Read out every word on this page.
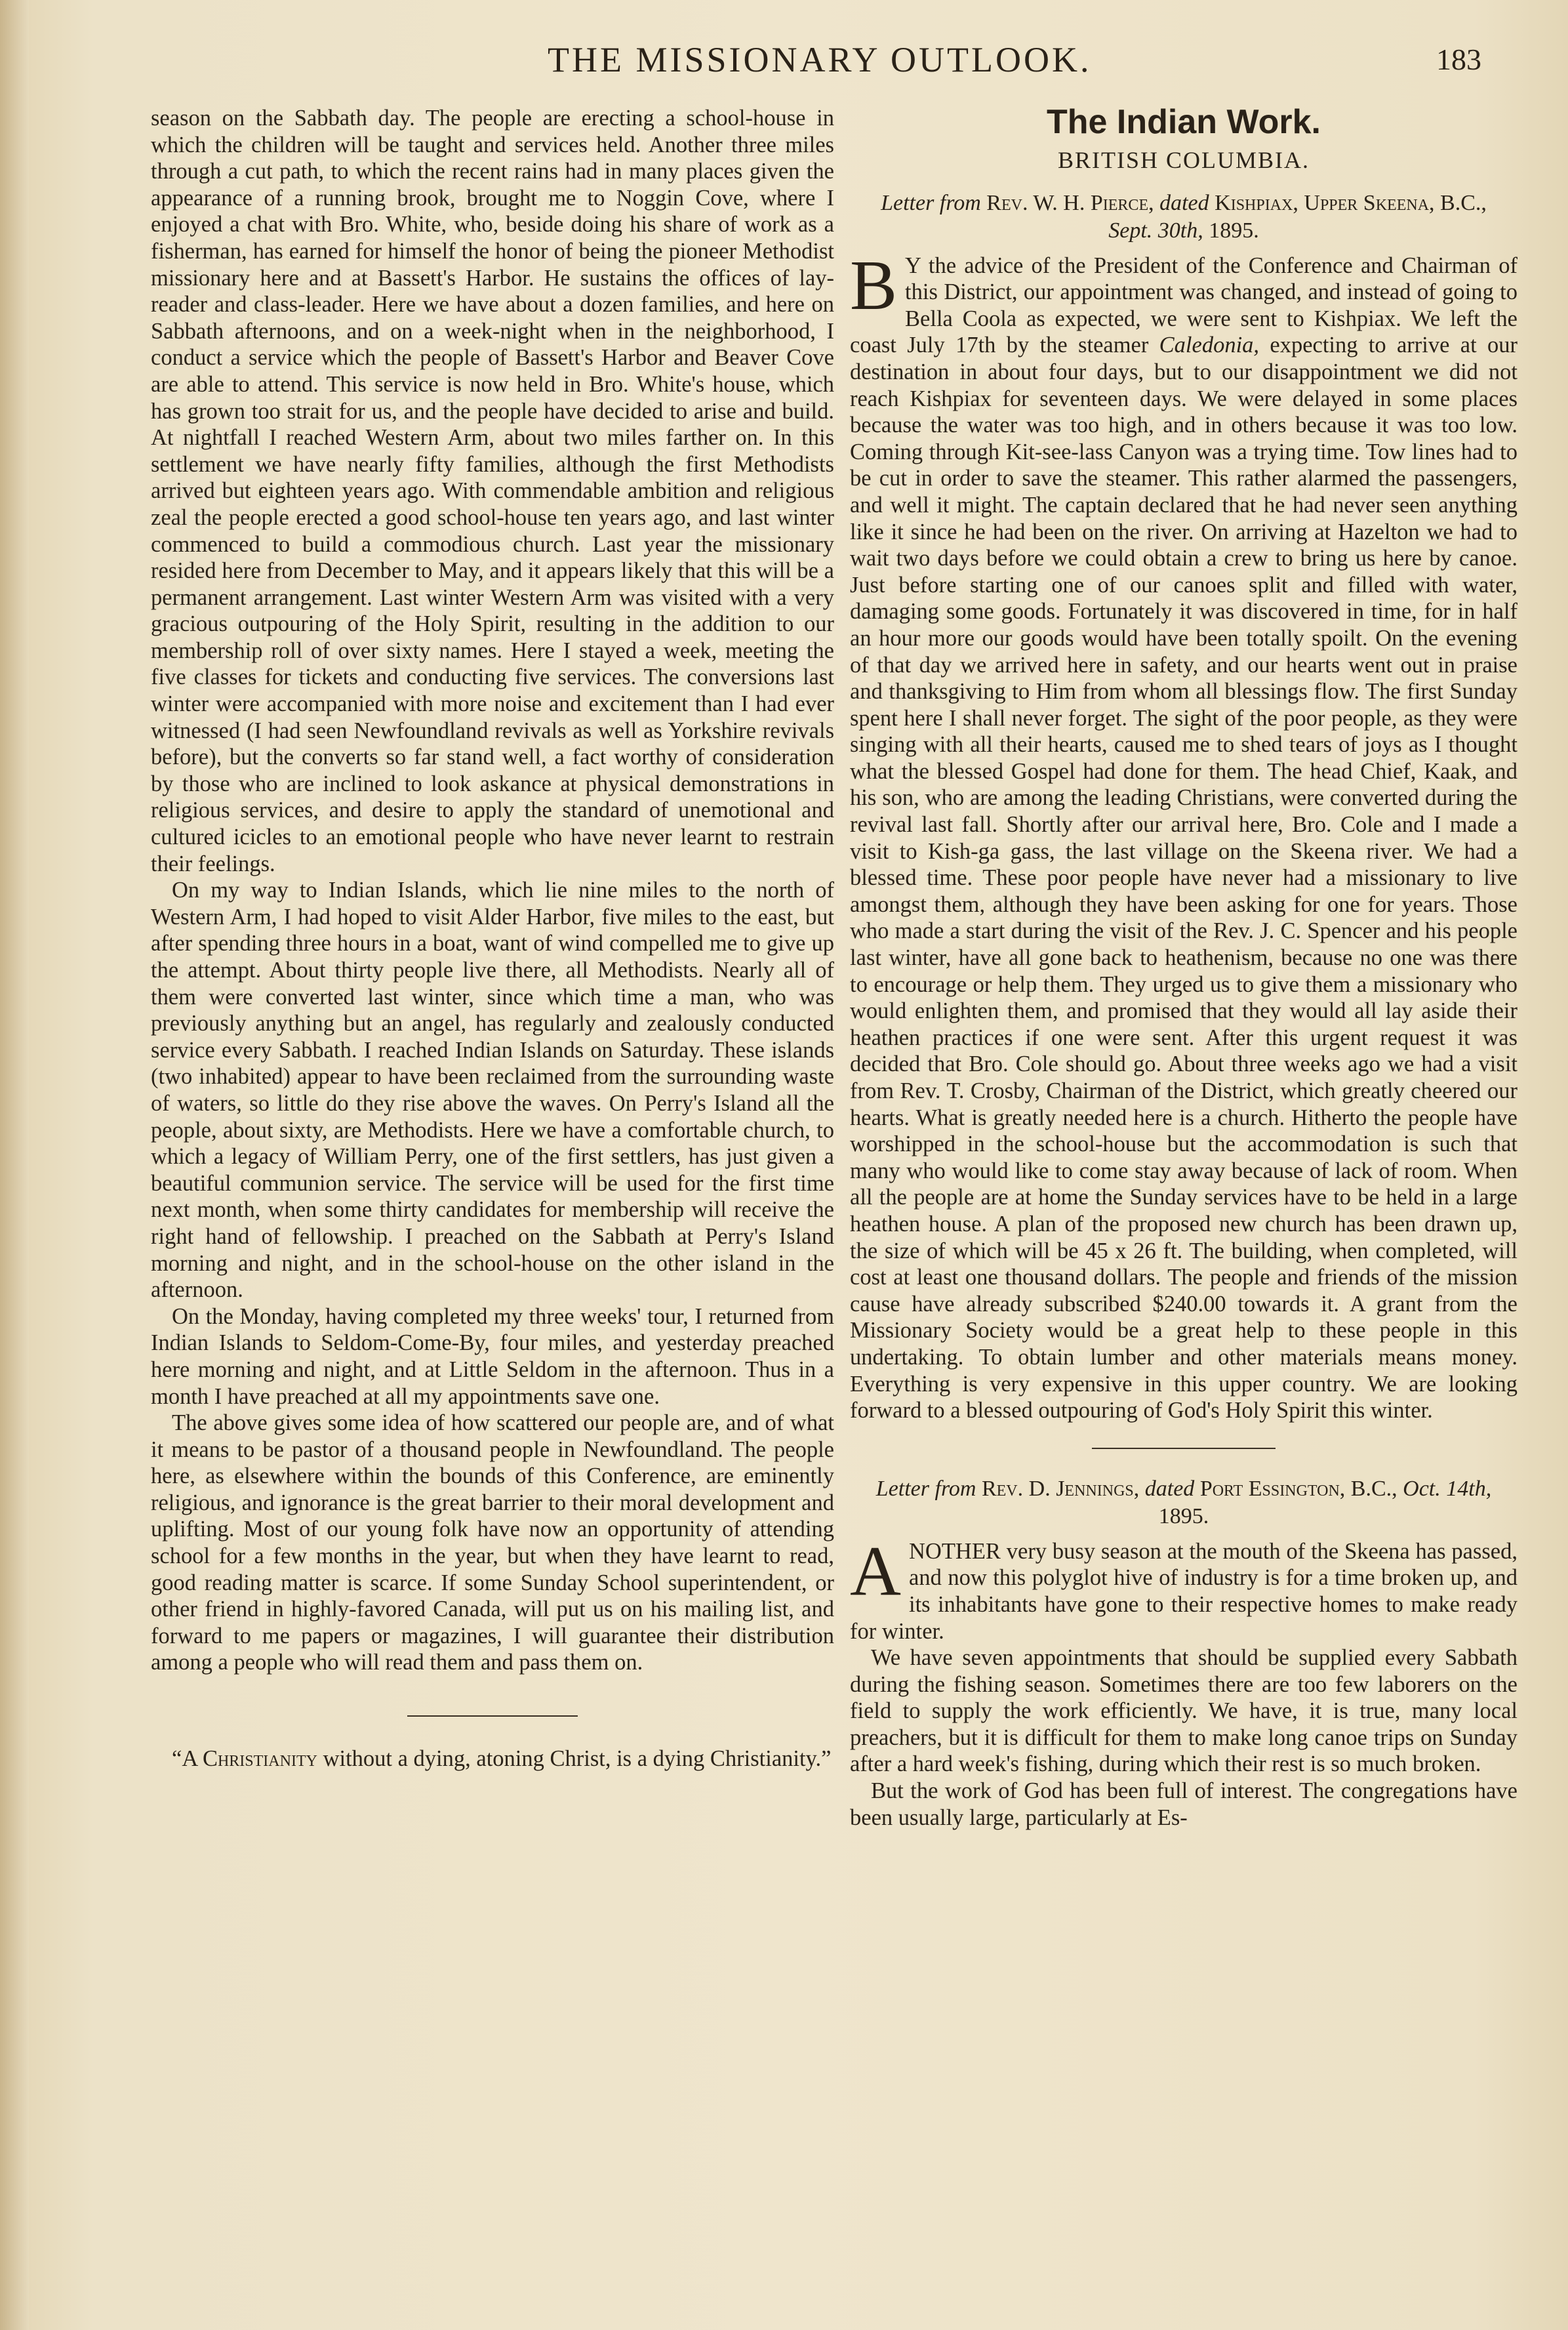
THE MISSIONARY OUTLOOK.	183

season on the Sabbath day. The people are erecting a school-house in which the children will be taught and services held. Another three miles through a cut path, to which the recent rains had in many places given the appearance of a running brook, brought me to Noggin Cove, where I enjoyed a chat with Bro. White, who, beside doing his share of work as a fisherman, has earned for himself the honor of being the pioneer Methodist missionary here and at Bassett's Harbor. He sustains the offices of lay-reader and class-leader. Here we have about a dozen families, and here on Sabbath afternoons, and on a week-night when in the neighborhood, I conduct a service which the people of Bassett's Harbor and Beaver Cove are able to attend. This service is now held in Bro. White's house, which has grown too strait for us, and the people have decided to arise and build. At nightfall I reached Western Arm, about two miles farther on. In this settlement we have nearly fifty families, although the first Methodists arrived but eighteen years ago. With commendable ambition and religious zeal the people erected a good school-house ten years ago, and last winter commenced to build a commodious church. Last year the missionary resided here from December to May, and it appears likely that this will be a permanent arrangement. Last winter Western Arm was visited with a very gracious outpouring of the Holy Spirit, resulting in the addition to our membership roll of over sixty names. Here I stayed a week, meeting the five classes for tickets and conducting five services. The conversions last winter were accompanied with more noise and excitement than I had ever witnessed (I had seen Newfoundland revivals as well as Yorkshire revivals before), but the converts so far stand well, a fact worthy of consideration by those who are inclined to look askance at physical demonstrations in religious services, and desire to apply the standard of unemotional and cultured icicles to an emotional people who have never learnt to restrain their feelings.

On my way to Indian Islands, which lie nine miles to the north of Western Arm, I had hoped to visit Alder Harbor, five miles to the east, but after spending three hours in a boat, want of wind compelled me to give up the attempt. About thirty people live there, all Methodists. Nearly all of them were converted last winter, since which time a man, who was previously anything but an angel, has regularly and zealously conducted service every Sabbath. I reached Indian Islands on Saturday. These islands (two inhabited) appear to have been reclaimed from the surrounding waste of waters, so little do they rise above the waves. On Perry's Island all the people, about sixty, are Methodists. Here we have a comfortable church, to which a legacy of William Perry, one of the first settlers, has just given a beautiful communion service. The service will be used for the first time next month, when some thirty candidates for membership will receive the right hand of fellowship. I preached on the Sabbath at Perry's Island morning and night, and in the school-house on the other island in the afternoon.

On the Monday, having completed my three weeks' tour, I returned from Indian Islands to Seldom-Come-By, four miles, and yesterday preached here morning and night, and at Little Seldom in the afternoon. Thus in a month I have preached at all my appointments save one.

The above gives some idea of how scattered our people are, and of what it means to be pastor of a thousand people in Newfoundland. The people here, as elsewhere within the bounds of this Conference, are eminently religious, and ignorance is the great barrier to their moral development and uplifting. Most of our young folk have now an opportunity of attending school for a few months in the year, but when they have learnt to read, good reading matter is scarce. If some Sunday School superintendent, or other friend in highly-favored Canada, will put us on his mailing list, and forward to me papers or magazines, I will guarantee their distribution among a people who will read them and pass them on.

“A Christianity without a dying, atoning Christ, is a dying Christianity.”

The Indian Work.
BRITISH COLUMBIA.
Letter from Rev. W. H. Pierce, dated Kishpiax, Upper Skeena, B.C., Sept. 30th, 1895.

B Y the advice of the President of the Conference and Chairman of this District, our appointment was changed, and instead of going to Bella Coola as expected, we were sent to Kishpiax. We left the coast July 17th by the steamer Caledonia, expecting to arrive at our destination in about four days, but to our disappointment we did not reach Kishpiax for seventeen days. We were delayed in some places because the water was too high, and in others because it was too low. Coming through Kit-see-lass Canyon was a trying time. Tow lines had to be cut in order to save the steamer. This rather alarmed the passengers, and well it might. The captain declared that he had never seen anything like it since he had been on the river. On arriving at Hazelton we had to wait two days before we could obtain a crew to bring us here by canoe. Just before starting one of our canoes split and filled with water, damaging some goods. Fortunately it was discovered in time, for in half an hour more our goods would have been totally spoilt. On the evening of that day we arrived here in safety, and our hearts went out in praise and thanksgiving to Him from whom all blessings flow. The first Sunday spent here I shall never forget. The sight of the poor people, as they were singing with all their hearts, caused me to shed tears of joys as I thought what the blessed Gospel had done for them. The head Chief, Kaak, and his son, who are among the leading Christians, were converted during the revival last fall. Shortly after our arrival here, Bro. Cole and I made a visit to Kish-ga gass, the last village on the Skeena river. We had a blessed time. These poor people have never had a missionary to live amongst them, although they have been asking for one for years. Those who made a start during the visit of the Rev. J. C. Spencer and his people last winter, have all gone back to heathenism, because no one was there to encourage or help them. They urged us to give them a missionary who would enlighten them, and promised that they would all lay aside their heathen practices if one were sent. After this urgent request it was decided that Bro. Cole should go. About three weeks ago we had a visit from Rev. T. Crosby, Chairman of the District, which greatly cheered our hearts. What is greatly needed here is a church. Hitherto the people have worshipped in the school-house but the accommodation is such that many who would like to come stay away because of lack of room. When all the people are at home the Sunday services have to be held in a large heathen house. A plan of the proposed new church has been drawn up, the size of which will be 45 x 26 ft. The building, when completed, will cost at least one thousand dollars. The people and friends of the mission cause have already subscribed $240.00 towards it. A grant from the Missionary Society would be a great help to these people in this undertaking. To obtain lumber and other materials means money. Everything is very expensive in this upper country. We are looking forward to a blessed outpouring of God's Holy Spirit this winter.

Letter from Rev. D. Jennings, dated Port Essington, B.C., Oct. 14th, 1895.

ANOTHER very busy season at the mouth of the Skeena has passed, and now this polyglot hive of industry is for a time broken up, and its inhabitants have gone to their respective homes to make ready for winter.

We have seven appointments that should be supplied every Sabbath during the fishing season. Sometimes there are too few laborers on the field to supply the work efficiently. We have, it is true, many local preachers, but it is difficult for them to make long canoe trips on Sunday after a hard week's fishing, during which their rest is so much broken.

But the work of God has been full of interest. The congregations have been usually large, particularly at Es-
